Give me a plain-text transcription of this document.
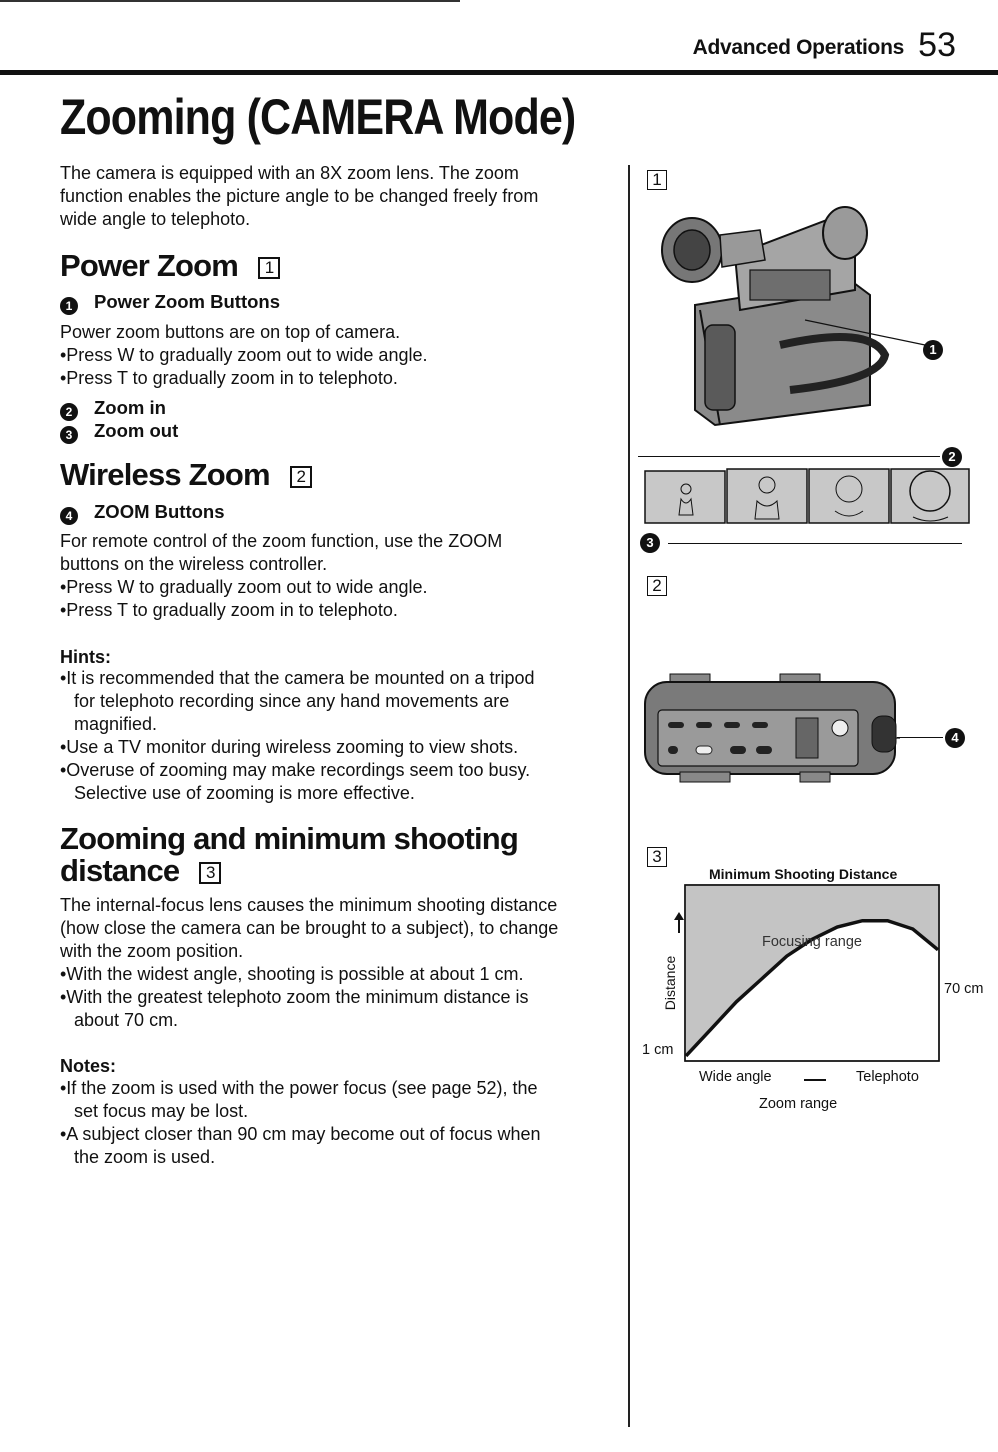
Advanced Operations 53
Zooming (CAMERA Mode)
The camera is equipped with an 8X zoom lens. The zoom
function enables the picture angle to be changed freely from
wide angle to telephoto.
Power Zoom 1
1 Power Zoom Buttons
Power zoom buttons are on top of camera.
•Press W to gradually zoom out to wide angle.
•Press T to gradually zoom in to telephoto.
2 Zoom in
3 Zoom out
Wireless Zoom 2
4 ZOOM Buttons
For remote control of the zoom function, use the ZOOM
buttons on the wireless controller.
•Press W to gradually zoom out to wide angle.
•Press T to gradually zoom in to telephoto.
Hints:
•It is recommended that the camera be mounted on a tripod
for telephoto recording since any hand movements are
magnified.
•Use a TV monitor during wireless zooming to view shots.
•Overuse of zooming may make recordings seem too busy.
Selective use of zooming is more effective.
Zooming and minimum shooting
distance 3
The internal-focus lens causes the minimum shooting distance
(how close the camera can be brought to a subject), to change
with the zoom position.
•With the widest angle, shooting is possible at about 1 cm.
•With the greatest telephoto zoom the minimum distance is
about 70 cm.
Notes:
•If the zoom is used with the power focus (see page 52), the
set focus may be lost.
•A subject closer than 90 cm may become out of focus when
the zoom is used.
1
1
2
3
2
4
3
Minimum Shooting Distance
Distance
1 cm
70 cm
Focusing range
Wide angle	Telephoto
Zoom range
